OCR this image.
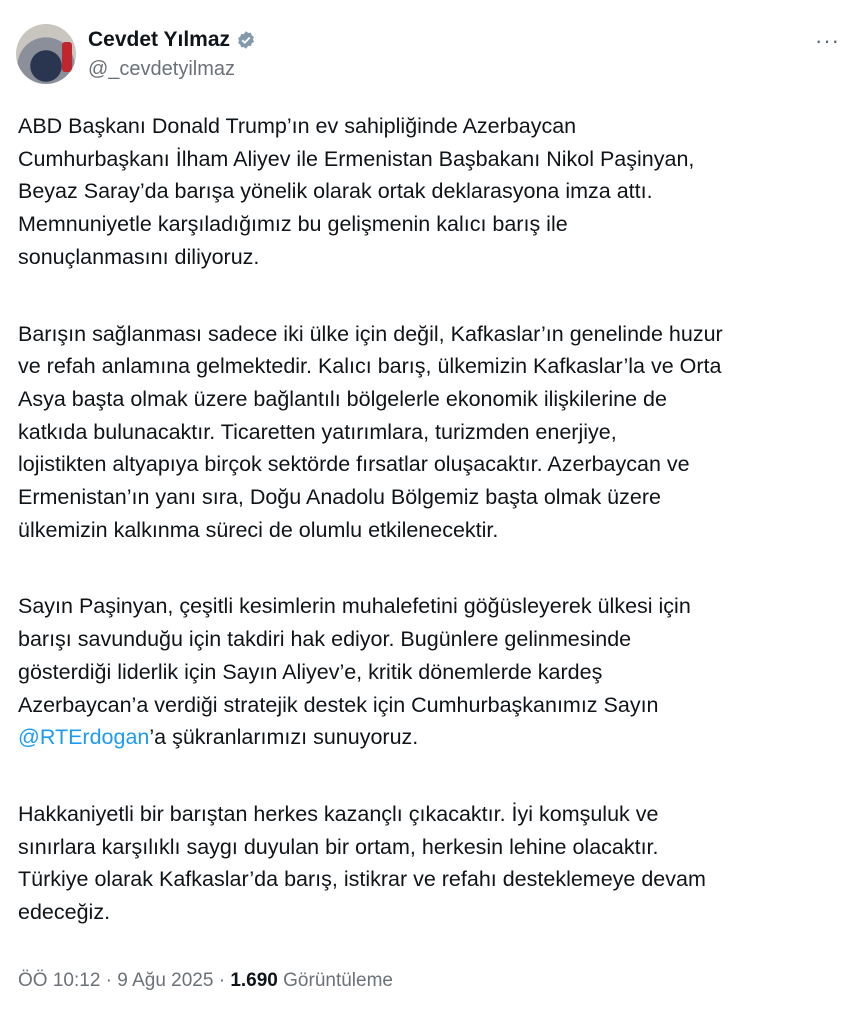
Cevdet Yılmaz
@_cevdetyilmaz
···

ABD Başkanı Donald Trump’ın ev sahipliğinde Azerbaycan
Cumhurbaşkanı İlham Aliyev ile Ermenistan Başbakanı Nikol Paşinyan,
Beyaz Saray’da barışa yönelik olarak ortak deklarasyona imza attı.
Memnuniyetle karşıladığımız bu gelişmenin kalıcı barış ile
sonuçlanmasını diliyoruz.

Barışın sağlanması sadece iki ülke için değil, Kafkaslar’ın genelinde huzur
ve refah anlamına gelmektedir. Kalıcı barış, ülkemizin Kafkaslar’la ve Orta
Asya başta olmak üzere bağlantılı bölgelerle ekonomik ilişkilerine de
katkıda bulunacaktır. Ticaretten yatırımlara, turizmden enerjiye,
lojistikten altyapıya birçok sektörde fırsatlar oluşacaktır. Azerbaycan ve
Ermenistan’ın yanı sıra, Doğu Anadolu Bölgemiz başta olmak üzere
ülkemizin kalkınma süreci de olumlu etkilenecektir.

Sayın Paşinyan, çeşitli kesimlerin muhalefetini göğüsleyerek ülkesi için
barışı savunduğu için takdiri hak ediyor. Bugünlere gelinmesinde
gösterdiği liderlik için Sayın Aliyev’e, kritik dönemlerde kardeş
Azerbaycan’a verdiği stratejik destek için Cumhurbaşkanımız Sayın
@RTErdogan’a şükranlarımızı sunuyoruz.

Hakkaniyetli bir barıştan herkes kazançlı çıkacaktır. İyi komşuluk ve
sınırlara karşılıklı saygı duyulan bir ortam, herkesin lehine olacaktır.
Türkiye olarak Kafkaslar’da barış, istikrar ve refahı desteklemeye devam
edeceğiz.

ÖÖ 10:12 · 9 Ağu 2025 · 1.690 Görüntüleme
